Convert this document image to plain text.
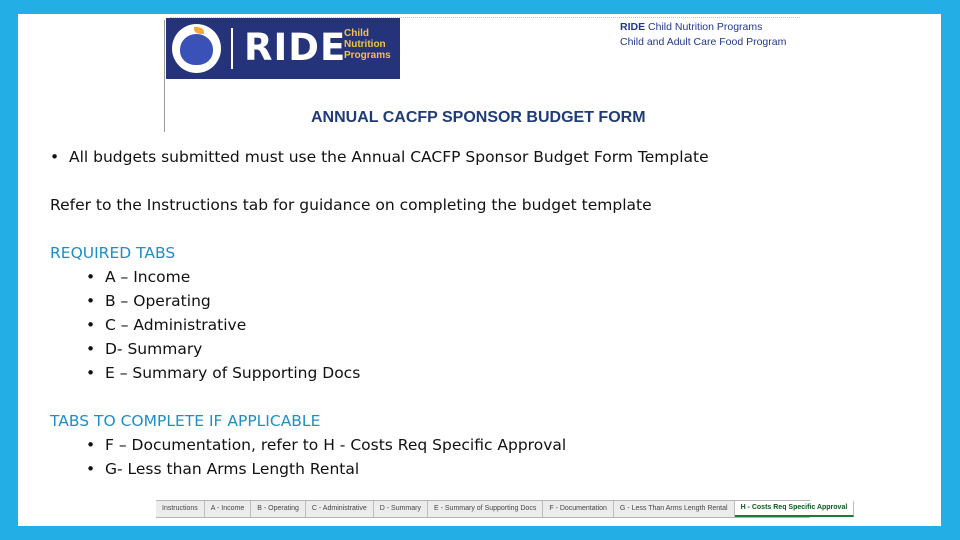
RIDE
Child
Nutrition
Programs
RIDE Child Nutrition Programs
Child and Adult Care Food Program
ANNUAL CACFP SPONSOR BUDGET FORM
•  All budgets submitted must use the Annual CACFP Sponsor Budget Form Template
Refer to the Instructions tab for guidance on completing the budget template
REQUIRED TABS
•  A – Income
•  B – Operating
•  C – Administrative
•  D- Summary
•  E – Summary of Supporting Docs
TABS TO COMPLETE IF APPLICABLE
•  F – Documentation, refer to H - Costs Req Specific Approval
•  G- Less than Arms Length Rental
Instructions	A - Income	B - Operating	C - Administrative	D - Summary	E - Summary of Supporting Docs	F - Documentation	G - Less Than Arms Length Rental	H - Costs Req Specific Approval
